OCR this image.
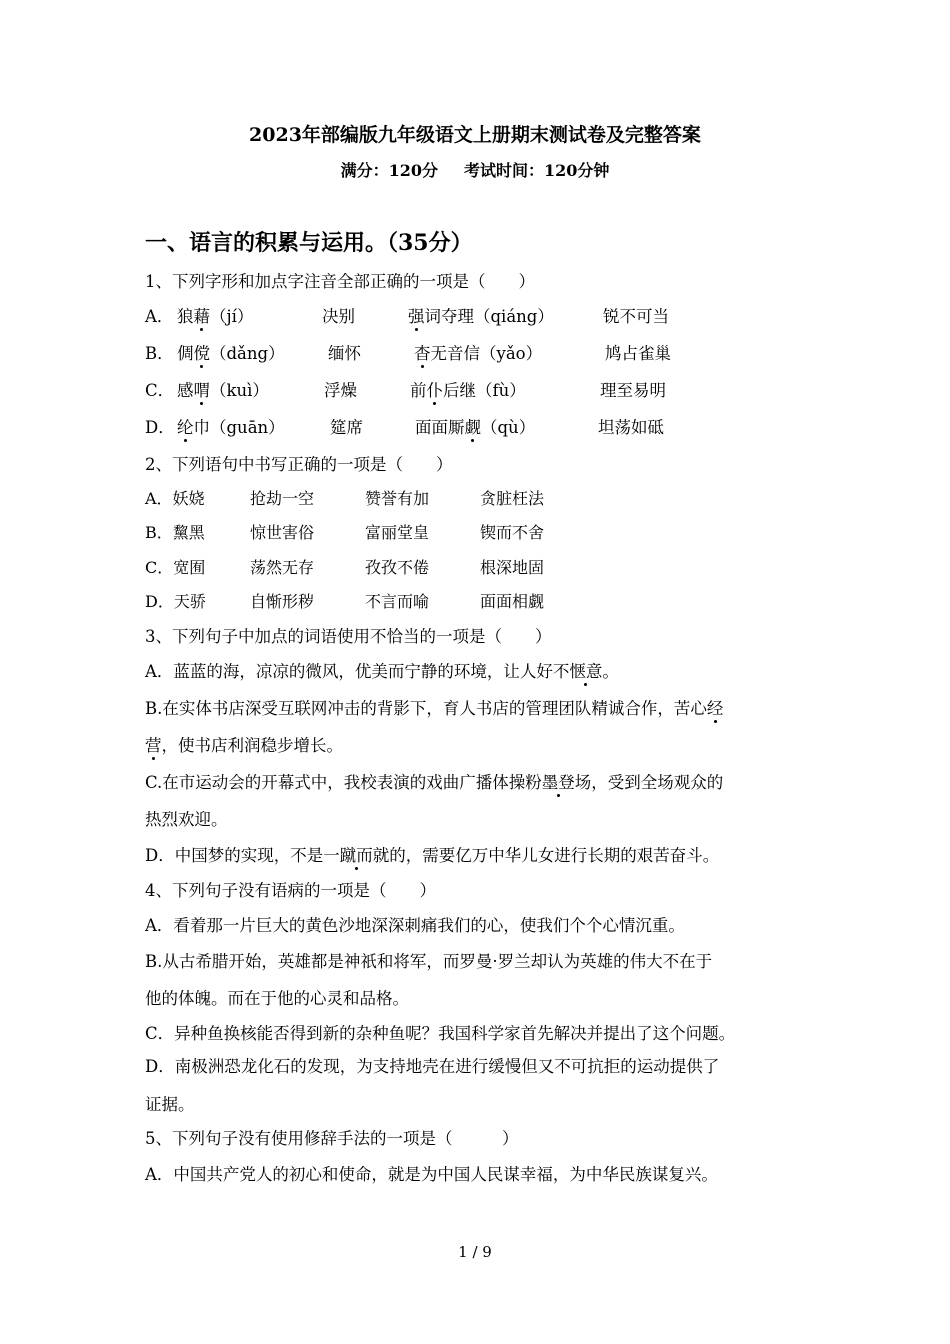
2023年部编版九年级语文上册期末测试卷及完整答案
满分：120分 考试时间：120分钟
一、语言的积累与运用。（35分）
1、下列字形和加点字注音全部正确的一项是（　　）
A． 狼藉（jí）	决别	强词夺理（qiáng）	锐不可当
B． 倜傥（dǎng）	缅怀	杳无音信（yǎo）	鸠占雀巢
C． 感喟（kuì）	浮燥	前仆后继（fù）	理至易明
D． 纶巾（guān）	筵席	面面厮觑（qù）	坦荡如砥
2、下列语句中书写正确的一项是（　　）
A．妖娆	抢劫一空	赞誉有加	贪脏枉法
B．黧黑	惊世害俗	富丽堂皇	锲而不舍
C．宽囿	荡然无存	孜孜不倦	根深地固
D．天骄	自惭形秽	不言而喻	面面相觑
3、下列句子中加点的词语使用不恰当的一项是（　　）
A．蓝蓝的海，凉凉的微风，优美而宁静的环境，让人好不惬意。
B.在实体书店深受互联网冲击的背影下，育人书店的管理团队精诚合作，苦心经
营，使书店利润稳步增长。
C.在市运动会的开幕式中，我校表演的戏曲广播体操粉墨登场，受到全场观众的
热烈欢迎。
D．中国梦的实现，不是一蹴而就的，需要亿万中华儿女进行长期的艰苦奋斗。
4、下列句子没有语病的一项是（　　）
A．看着那一片巨大的黄色沙地深深刺痛我们的心，使我们个个心情沉重。
B.从古希腊开始，英雄都是神祇和将军，而罗曼·罗兰却认为英雄的伟大不在于
他的体魄。而在于他的心灵和品格。
C．异种鱼换核能否得到新的杂种鱼呢？我国科学家首先解决并提出了这个问题。
D．南极洲恐龙化石的发现，为支持地壳在进行缓慢但又不可抗拒的运动提供了
证据。
5、下列句子没有使用修辞手法的一项是（　　　）
A．中国共产党人的初心和使命，就是为中国人民谋幸福，为中华民族谋复兴。
1 / 9
